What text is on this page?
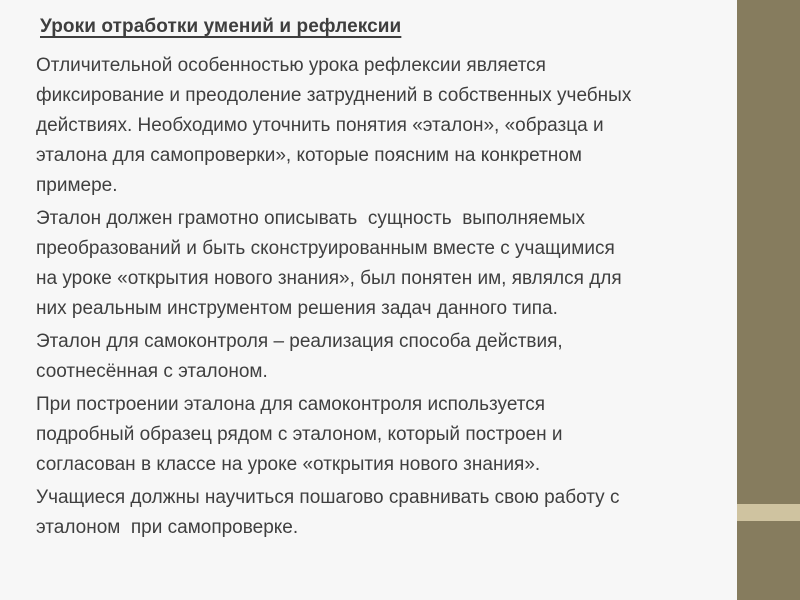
Уроки отработки умений и рефлексии
Отличительной особенностью урока рефлексии является
фиксирование и преодоление затруднений в собственных учебных
действиях. Необходимо уточнить понятия «эталон», «образца и
эталона для самопроверки», которые поясним на конкретном
примере.
Эталон должен грамотно описывать  сущность  выполняемых
преобразований и быть сконструированным вместе с учащимися
на уроке «открытия нового знания», был понятен им, являлся для
них реальным инструментом решения задач данного типа.
Эталон для самоконтроля – реализация способа действия,
соотнесённая с эталоном.
При построении эталона для самоконтроля используется
подробный образец рядом с эталоном, который построен и
согласован в классе на уроке «открытия нового знания».
Учащиеся должны научиться пошагово сравнивать свою работу с
эталоном  при самопроверке.
